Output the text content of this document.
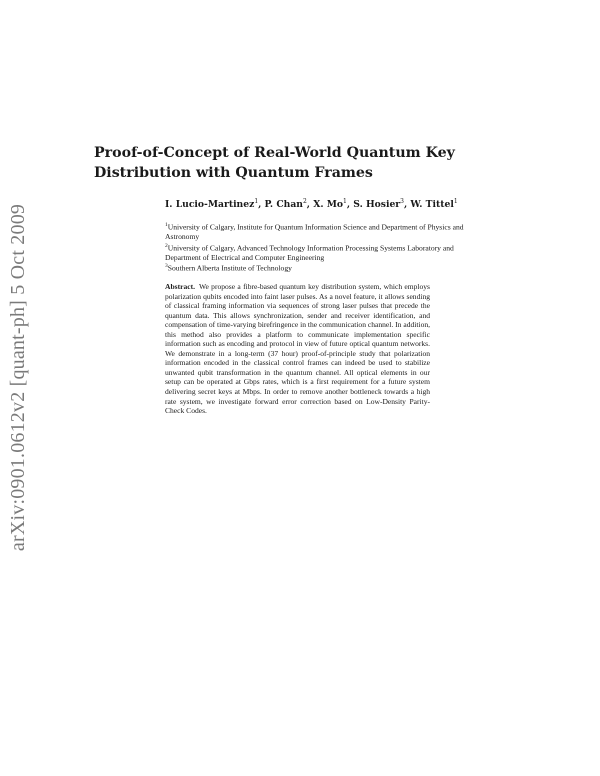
arXiv:0901.0612v2 [quant-ph] 5 Oct 2009
Proof-of-Concept of Real-World Quantum Key Distribution with Quantum Frames
I. Lucio-Martinez$^1$, P. Chan$^2$, X. Mo$^1$, S. Hosier$^3$, W. Tittel$^1$
$^1$University of Calgary, Institute for Quantum Information Science and Department of Physics and Astronomy
$^2$University of Calgary, Advanced Technology Information Processing Systems Laboratory and Department of Electrical and Computer Engineering
$^3$Southern Alberta Institute of Technology

Abstract. We propose a fibre-based quantum key distribution system, which employs polarization qubits encoded into faint laser pulses. As a novel feature, it allows sending of classical framing information via sequences of strong laser pulses that precede the quantum data. This allows synchronization, sender and receiver identification, and compensation of time-varying birefringence in the communication channel. In addition, this method also provides a platform to communicate implementation specific information such as encoding and protocol in view of future optical quantum networks. We demonstrate in a long-term (37 hour) proof-of-principle study that polarization information encoded in the classical control frames can indeed be used to stabilize unwanted qubit transformation in the quantum channel. All optical elements in our setup can be operated at Gbps rates, which is a first requirement for a future system delivering secret keys at Mbps. In order to remove another bottleneck towards a high rate system, we investigate forward error correction based on Low-Density Parity-Check Codes.
